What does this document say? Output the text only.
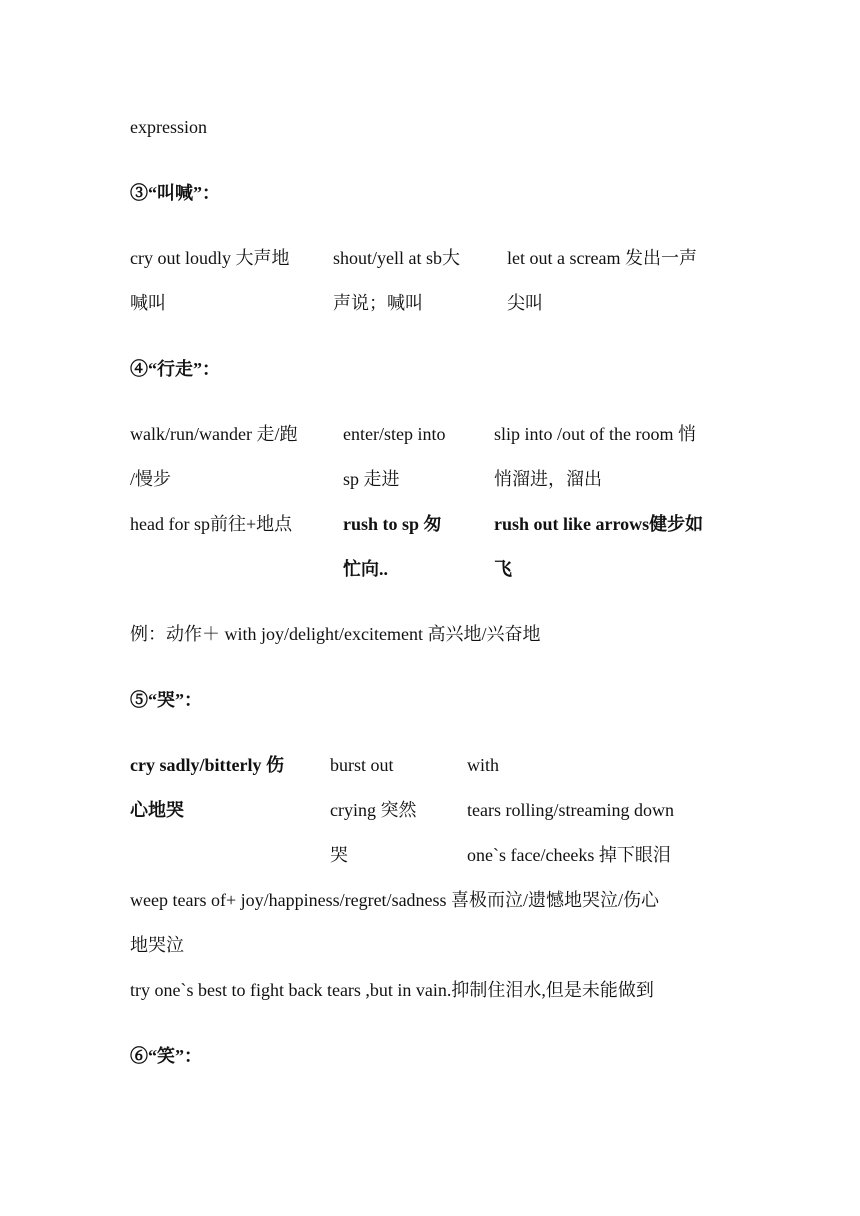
expression

③“叫喊”：

cry out loudly 大声地

喊叫

shout/yell at sb大

声说；喊叫

let out a scream 发出一声

尖叫

④“行走”：

walk/run/wander 走/跑

/慢步

head for sp前往+地点

enter/step into

sp 走进

rush to sp 匆

忙向..

slip into /out of the room 悄

悄溜进，溜出

rush out like arrows健步如

飞

例：动作＋ with joy/delight/excitement 高兴地/兴奋地

⑤“哭”：

cry sadly/bitterly 伤

心地哭

burst out

crying 突然

哭

with

tears rolling/streaming down

one`s face/cheeks 掉下眼泪

weep tears of+ joy/happiness/regret/sadness 喜极而泣/遗憾地哭泣/伤心

地哭泣

try one`s best to fight back tears ,but in vain.抑制住泪水,但是未能做到

⑥“笑”：
